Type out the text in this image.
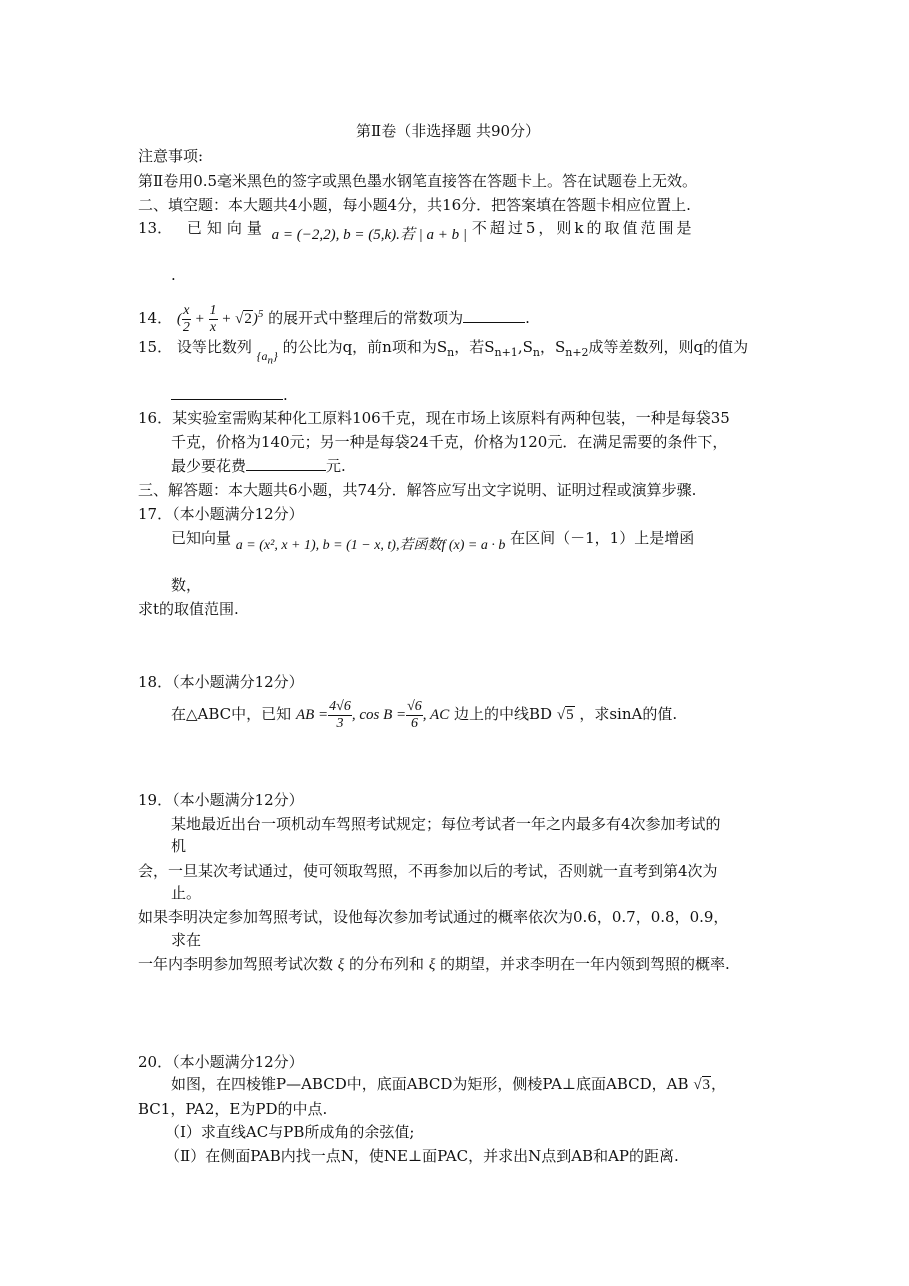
第Ⅱ卷（非选择题 共90分）
注意事项:
第Ⅱ卷用0.5毫米黑色的签字或黑色墨水钢笔直接答在答题卡上。答在试题卷上无效。
二、填空题：本大题共4小题，每小题4分，共16分．把答案填在答题卡相应位置上.
13． 已知向量 a = (−2,2), b = (5,k).若 | a + b | 不超过5，则k的取值范围是
.
14． ( $\frac{x}{2} + \frac{1}{x} + √2)^5$ 的展开式中整理后的常数项为	.
15． 设等比数列 $_{\{a_n\}}$ 的公比为q，前n项和为$S_n$，若$S_{n+1},S_n$，$S_{n+2}$成等差数列，则q的值为
.
16．某实验室需购某种化工原料106千克，现在市场上该原料有两种包装，一种是每袋35
千克，价格为140元；另一种是每袋24千克，价格为120元．在满足需要的条件下，
最少要花费	元.
三、解答题：本大题共6小题，共74分．解答应写出文字说明、证明过程或演算步骤.
17．（本小题满分12分）
已知向量 a = (x², x + 1), b = (1 − x, t),若函数f (x) = a · b 在区间（－1，1）上是增函
数，
求t的取值范围.
18．（本小题满分12分）
在△ABC中，已知 AB = $\frac{4√6}{3}$ , $\cos B = \frac{√6}{6}$ , AC 边上的中线BD √5 ，求sinA的值.
19．（本小题满分12分）
某地最近出台一项机动车驾照考试规定；每位考试者一年之内最多有4次参加考试的
机
会，一旦某次考试通过，使可领取驾照，不再参加以后的考试，否则就一直考到第4次为
止。
如果李明决定参加驾照考试，设他每次参加考试通过的概率依次为0.6，0.7，0.8，0.9，
求在
一年内李明参加驾照考试次数 ξ 的分布列和 ξ 的期望，并求李明在一年内领到驾照的概率.
20．（本小题满分12分）
如图，在四棱锥P—ABCD中，底面ABCD为矩形，侧棱PA⊥底面ABCD，AB √3，
BC1，PA2，E为PD的中点.
（Ⅰ）求直线AC与PB所成角的余弦值;
（Ⅱ）在侧面PAB内找一点N，使NE⊥面PAC，并求出N点到AB和AP的距离.
